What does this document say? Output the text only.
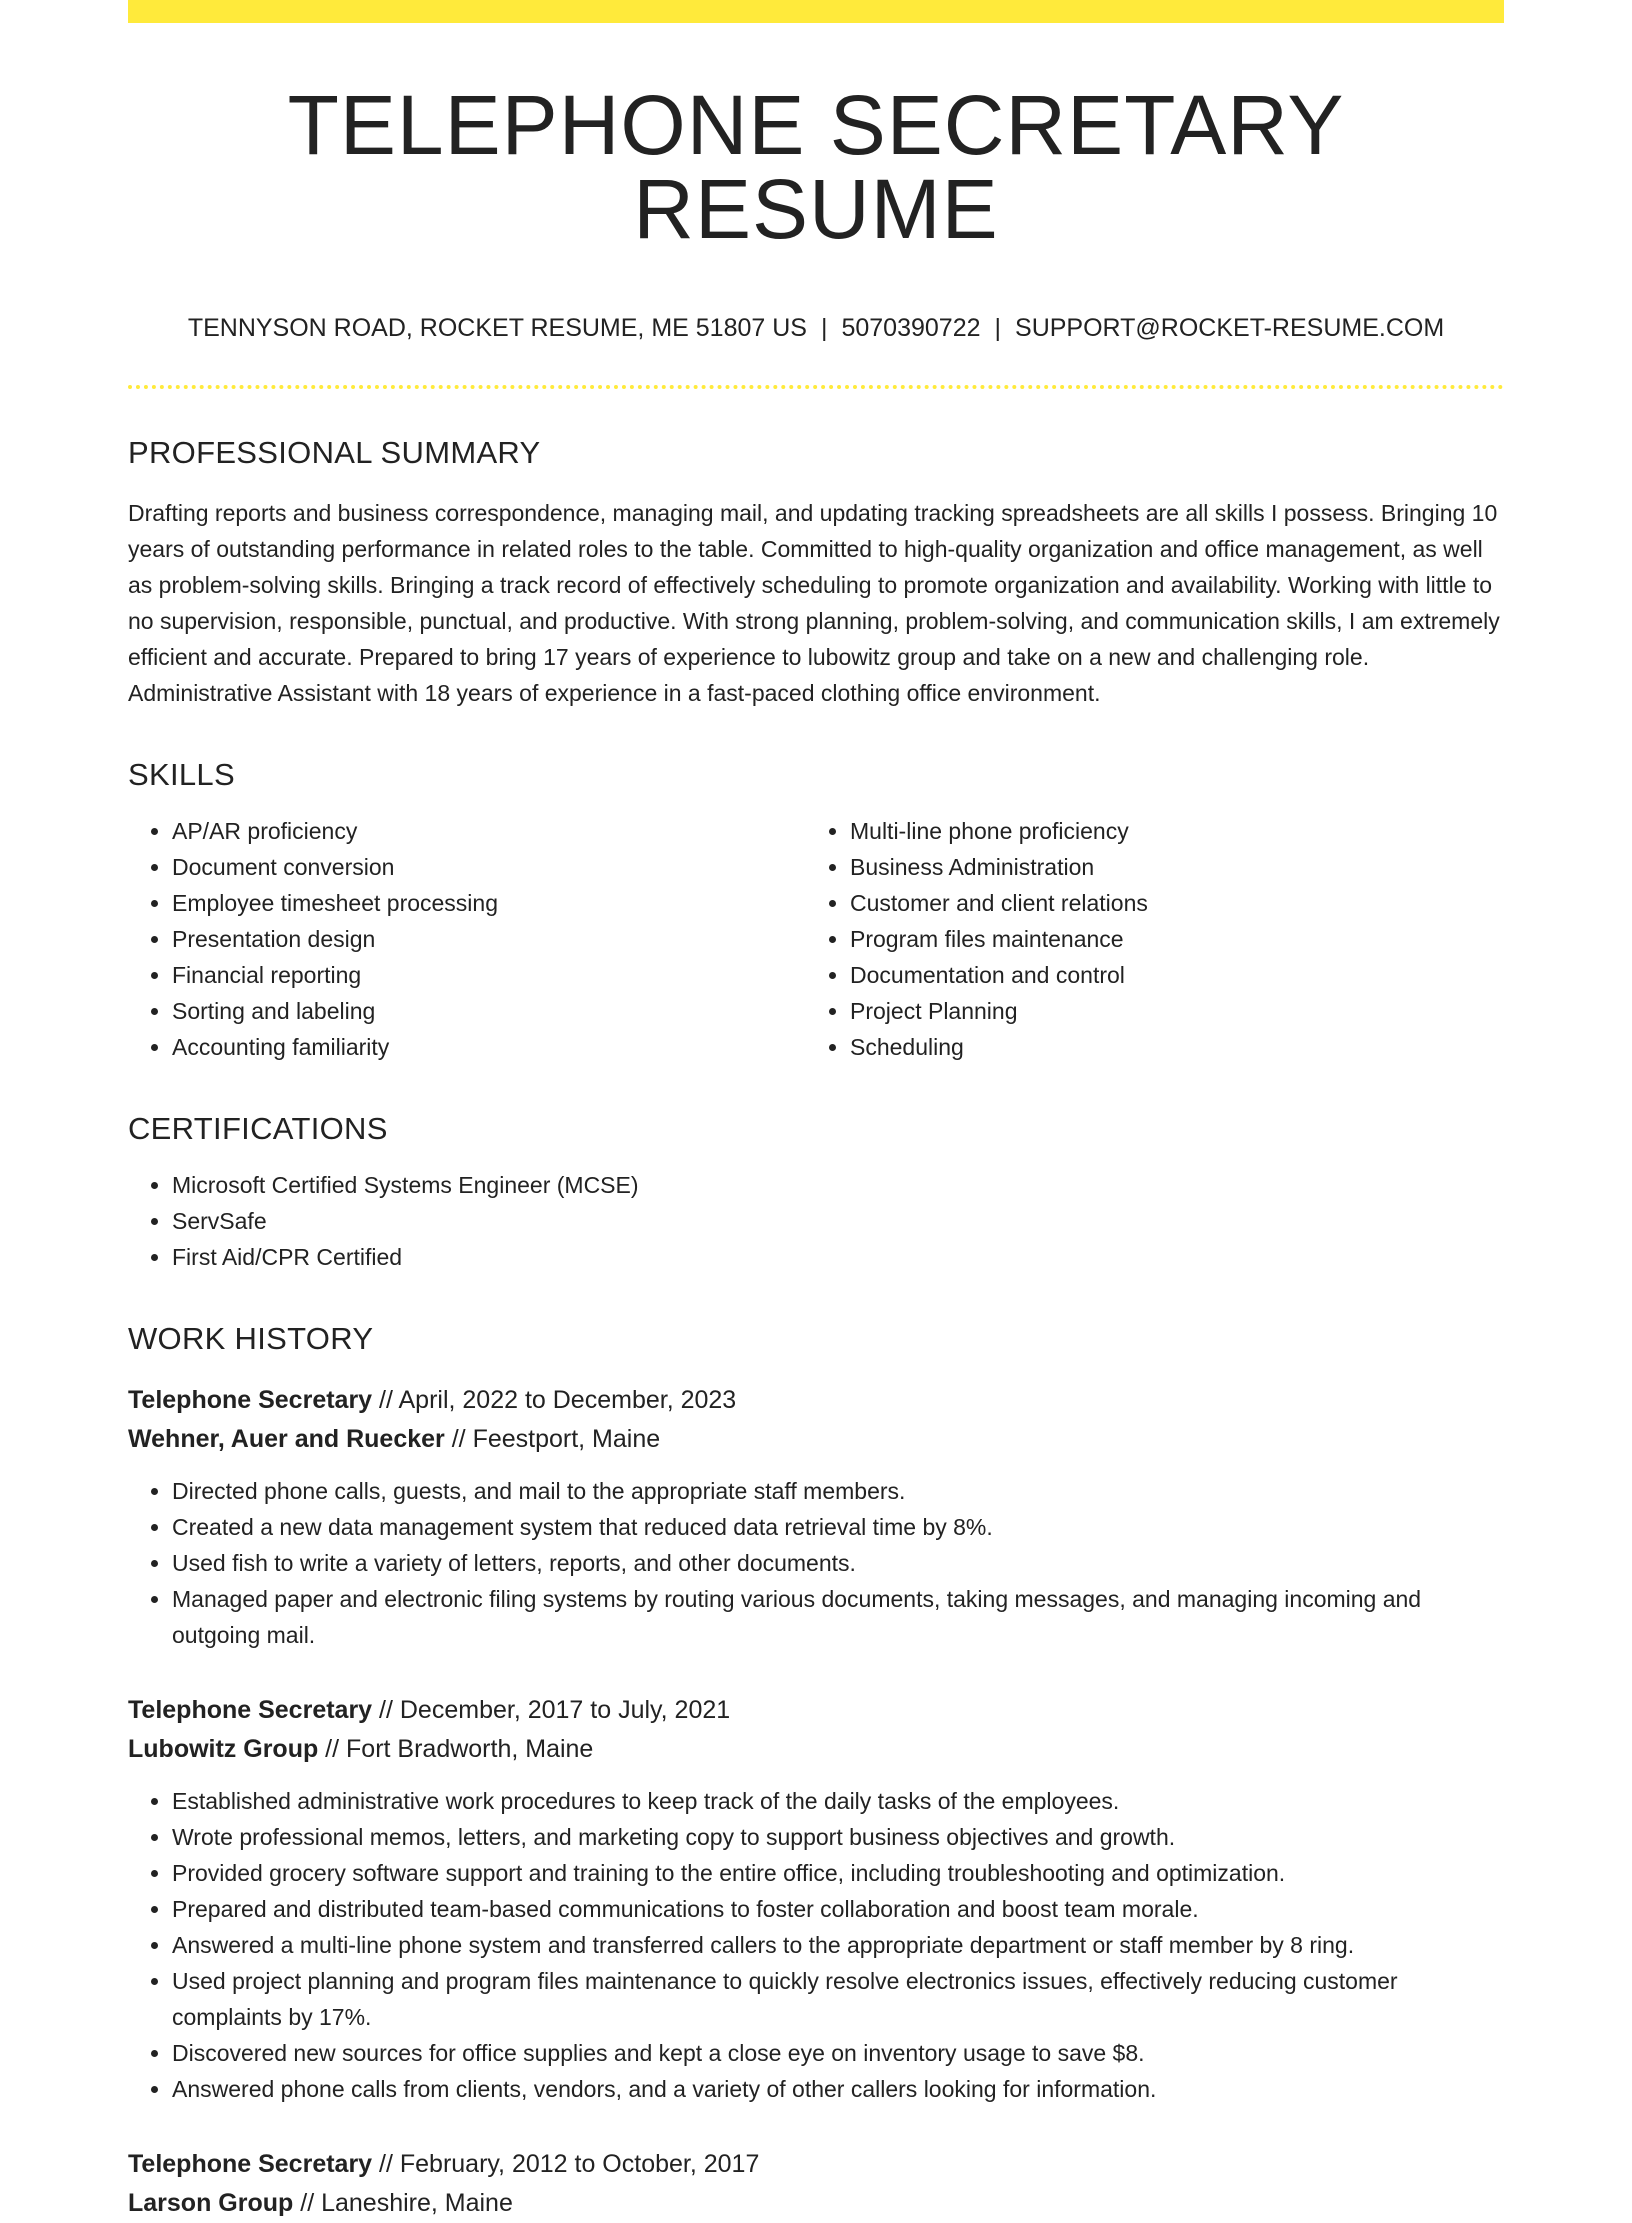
TELEPHONE SECRETARY RESUME
TENNYSON ROAD, ROCKET RESUME, ME 51807 US | 5070390722 | SUPPORT@ROCKET-RESUME.COM
PROFESSIONAL SUMMARY
Drafting reports and business correspondence, managing mail, and updating tracking spreadsheets are all skills I possess. Bringing 10 years of outstanding performance in related roles to the table. Committed to high-quality organization and office management, as well as problem-solving skills. Bringing a track record of effectively scheduling to promote organization and availability. Working with little to no supervision, responsible, punctual, and productive. With strong planning, problem-solving, and communication skills, I am extremely efficient and accurate. Prepared to bring 17 years of experience to lubowitz group and take on a new and challenging role. Administrative Assistant with 18 years of experience in a fast-paced clothing office environment.
SKILLS
• AP/AR proficiency
• Document conversion
• Employee timesheet processing
• Presentation design
• Financial reporting
• Sorting and labeling
• Accounting familiarity
• Multi-line phone proficiency
• Business Administration
• Customer and client relations
• Program files maintenance
• Documentation and control
• Project Planning
• Scheduling
CERTIFICATIONS
• Microsoft Certified Systems Engineer (MCSE)
• ServSafe
• First Aid/CPR Certified
WORK HISTORY
Telephone Secretary // April, 2022 to December, 2023
Wehner, Auer and Ruecker // Feestport, Maine
• Directed phone calls, guests, and mail to the appropriate staff members.
• Created a new data management system that reduced data retrieval time by 8%.
• Used fish to write a variety of letters, reports, and other documents.
• Managed paper and electronic filing systems by routing various documents, taking messages, and managing incoming and outgoing mail.
Telephone Secretary // December, 2017 to July, 2021
Lubowitz Group // Fort Bradworth, Maine
• Established administrative work procedures to keep track of the daily tasks of the employees.
• Wrote professional memos, letters, and marketing copy to support business objectives and growth.
• Provided grocery software support and training to the entire office, including troubleshooting and optimization.
• Prepared and distributed team-based communications to foster collaboration and boost team morale.
• Answered a multi-line phone system and transferred callers to the appropriate department or staff member by 8 ring.
• Used project planning and program files maintenance to quickly resolve electronics issues, effectively reducing customer complaints by 17%.
• Discovered new sources for office supplies and kept a close eye on inventory usage to save $8.
• Answered phone calls from clients, vendors, and a variety of other callers looking for information.
Telephone Secretary // February, 2012 to October, 2017
Larson Group // Laneshire, Maine
